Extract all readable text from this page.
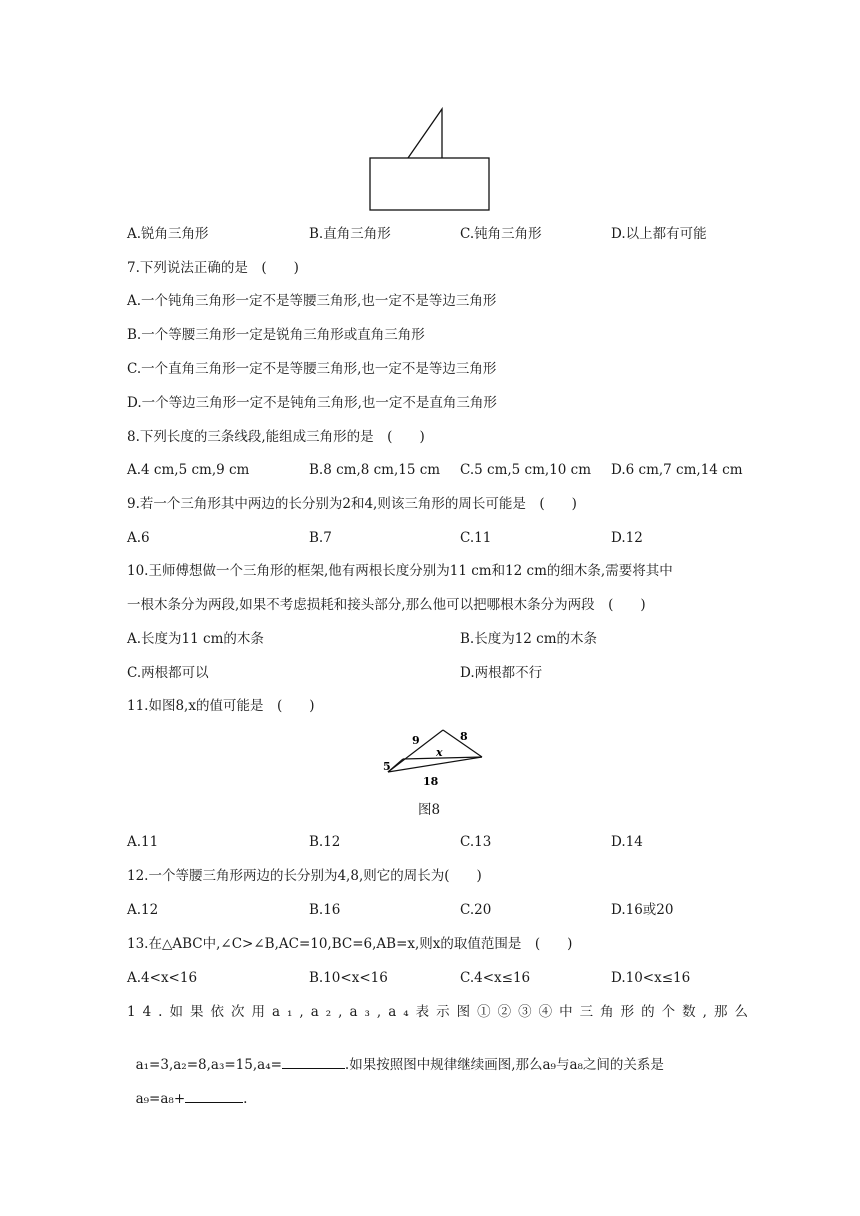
A.锐角三角形	B.直角三角形	C.钝角三角形	D.以上都有可能
7.下列说法正确的是　(　　)
A.一个钝角三角形一定不是等腰三角形,也一定不是等边三角形
B.一个等腰三角形一定是锐角三角形或直角三角形
C.一个直角三角形一定不是等腰三角形,也一定不是等边三角形
D.一个等边三角形一定不是钝角三角形,也一定不是直角三角形
8.下列长度的三条线段,能组成三角形的是　(　　)
A.4 cm,5 cm,9 cm	B.8 cm,8 cm,15 cm C.5 cm,5 cm,10 cm D.6 cm,7 cm,14 cm
9.若一个三角形其中两边的长分别为2和4,则该三角形的周长可能是　(　　)
A.6	B.7	C.11	D.12
10.王师傅想做一个三角形的框架,他有两根长度分别为11 cm和12 cm的细木条,需要将其中
一根木条分为两段,如果不考虑损耗和接头部分,那么他可以把哪根木条分为两段　(　　)
A.长度为11 cm的木条	B.长度为12 cm的木条
C.两根都可以	D.两根都不行
11.如图8,x的值可能是　(　　)
9	8
x
5
18
图8
A.11	B.12	C.13	D.14
12.一个等腰三角形两边的长分别为4,8,则它的周长为(　　)
A.12	B.16	C.20	D.16或20
13.在△ABC中,∠C>∠B,AC=10,BC=6,AB=x,则x的取值范围是　(　　)
A.4<x<16	B.10<x<16	C.4<x≤16	D.10<x≤16
14.如果依次用a₁,a₂,a₃,a₄表示图①②③④中三角形的个数,那么

a₁=3,a₂=8,a₃=15,a₄=	.如果按照图中规律继续画图,那么a₉与a₈之间的关系是

a₉=a₈+	.
